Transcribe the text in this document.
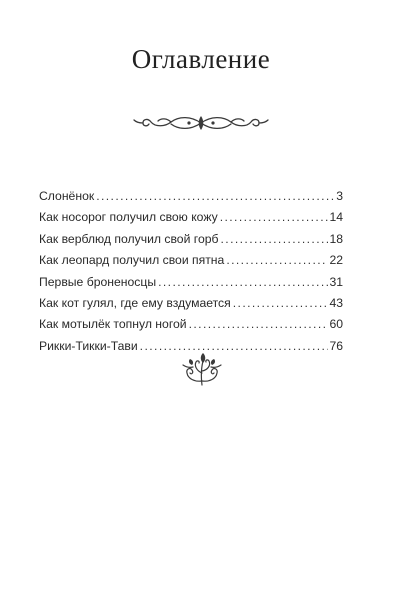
Оглавление
Слонёнок .....	3
Как носорог получил свою кожу .....	14
Как верблюд получил свой горб .....	18
Как леопард получил свои пятна .....	22
Первые броненосцы .....	31
Как кот гулял, где ему вздумается .....	43
Как мотылёк топнул ногой .....	60
Рикки-Тикки-Тави .....	76
